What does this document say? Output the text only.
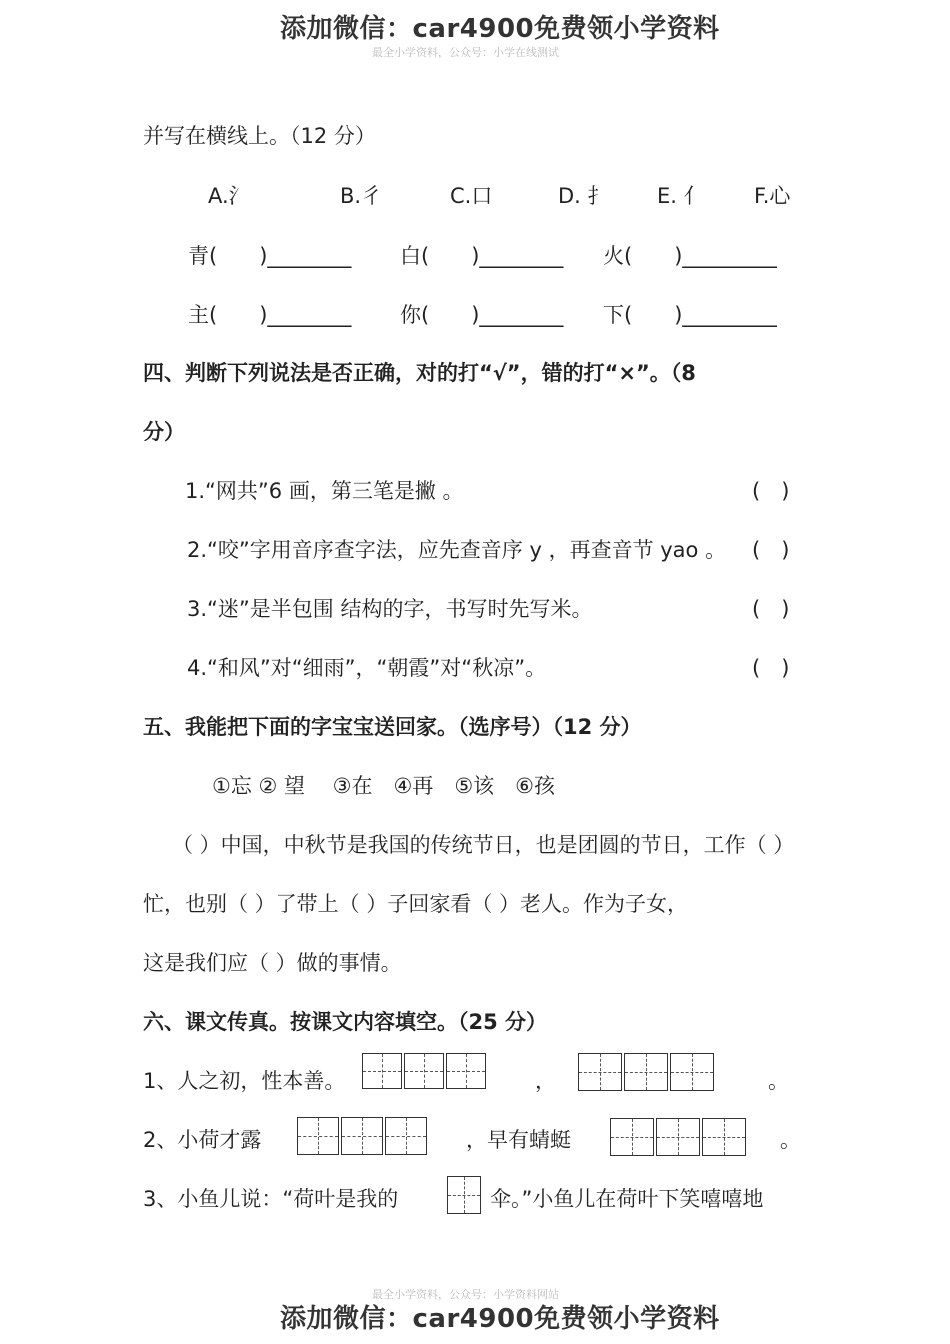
添加微信：car4900免费领小学资料
最全小学资料，公众号：小学在线测试
并写在横线上。（12 分）
A.氵	B.彳	C.口	D. 扌 E. 亻 F.心
青(　　)________ 白(　　)________ 火(　　)_________
主(　　)________ 你(　　)________ 下(　　)_________
四、判断下列说法是否正确，对的打“√”，错的打“×”。（8
分）
1.“网共”6 画，第三笔是撇 。	(　)
2.“咬”字用音序查字法，应先查音序 y ，再查音节 yao 。 (　)
3.“迷”是半包围 结构的字，书写时先写米。	(　)
4.“和风”对“细雨”，“朝霞”对“秋凉”。	(　)
五、我能把下面的字宝宝送回家。（选序号）（12 分）
①忘 ② 望　 ③在　④再　⑤该　⑥孩
（ ）中国，中秋节是我国的传统节日，也是团圆的节日，工作（ ）
忙，也别（ ）了带上（ ）子回家看（ ）老人。作为子女，
这是我们应（ ）做的事情。
六、课文传真。按课文内容填空。（25 分）
1、人之初，性本善。	，	。
2、小荷才露	，早有蜻蜓	。
3、小鱼儿说：“荷叶是我的	伞。”小鱼儿在荷叶下笑嘻嘻地
最全小学资料，公众号：小学资料网站
添加微信：car4900免费领小学资料
